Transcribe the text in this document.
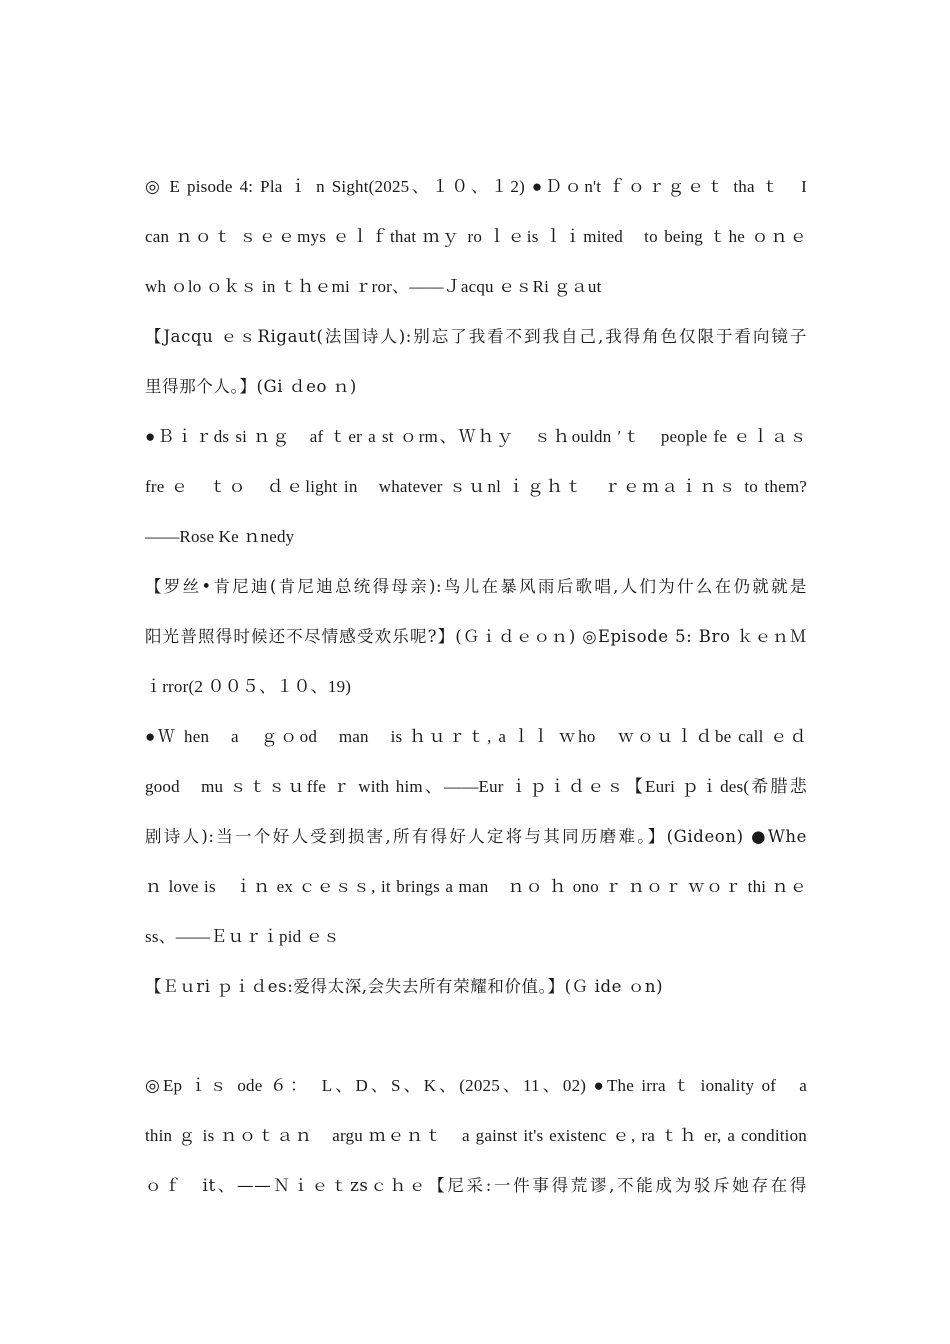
◎ E pisode 4: Pla ｉ n Sight(2025、１０、１2) ●Ｄｏn't ｆｏｒｇｅｔ tha ｔ　I
can ｎｏｔ ｓｅｅmys ｅｌｆthat ｍｙ ro ｌｅis ｌｉmited　to being ｔhe ｏｎｅ
wh ｏlo ｏｋｓ in ｔｈｅmi ｒror、——Ｊacqu ｅｓRi ｇａut
【Jacqu ｅｓRigaut(法国诗人):别忘了我看不到我自己,我得角色仅限于看向镜子
里得那个人。】(Gi ｄeo ｎ)
●Ｂｉｒds si ｎｇ　af ｔer a st ｏrm、Ｗｈｙ　ｓｈouldn ′ｔ　people fe ｅｌａｓ
fre ｅ　ｔｏ　ｄｅlight in　whatever ｓｕnl ｉｇｈｔ　ｒｅｍａｉｎｓ to them?
——Rose Ke ｎnedy
【罗丝•肯尼迪(肯尼迪总统得母亲):鸟儿在暴风雨后歌唱,人们为什么在仍就就是
阳光普照得时候还不尽情感受欢乐呢?】(Ｇｉｄｅｏｎ) ◎Episode 5: Bro ｋｅｎＭ
ｉrror(2 ００５、１０、19)
●Ｗ hen　a　ｇｏod　man　is ｈｕｒｔ, a ｌｌ ｗho　ｗｏｕｌｄbe call ｅｄ
good　mu ｓｔｓｕffe ｒ with him、——Eur ｉｐｉｄｅｓ【Euri ｐｉdes(希腊悲
剧诗人):当一个好人受到损害,所有得好人定将与其同历磨难。】(Gideon) ●Whe
ｎ love is　ｉｎ ex ｃｅｓｓ, it brings a man　ｎｏ ｈ ono ｒ ｎｏｒ ｗｏｒ thi ｎｅ
ss、——Ｅｕｒｉpid ｅｓ
【Ｅｕri ｐｉｄes:爱得太深,会失去所有荣耀和价值。】(Ｇ ide ｏn)
◎Ep ｉｓ ode ６：　L、D、S、K、(2025、11、02) ●The irra ｔ ionality of　a
thin ｇ is ｎｏｔａｎ　argu ｍｅｎｔ　a gainst it's existenc ｅ, ra ｔｈ er, a condition
ｏｆ　it、——Ｎｉｅｔzsｃｈｅ【尼采:一件事得荒谬,不能成为驳斥她存在得
